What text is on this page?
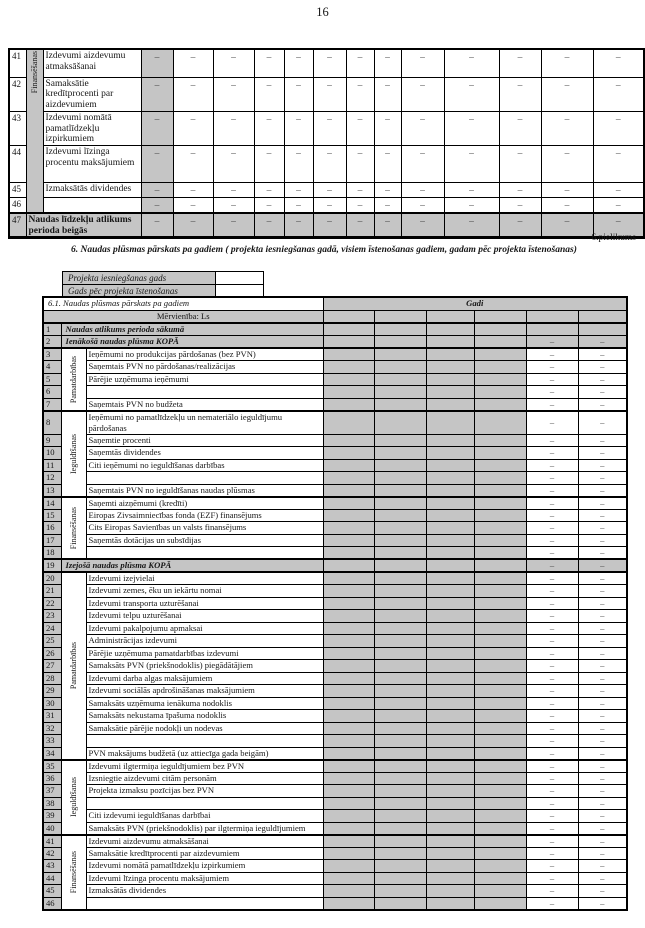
16
41	Finansēšanas	Izdevumi aizdevumu atmaksāšanai	–	–	–	–	–	–	–	–	–	–	–	–	–
42		Samaksātie kredītprocenti par aizdevumiem	–	–	–	–	–	–	–	–	–	–	–	–	–
43		Izdevumi nomātā pamatlīdzekļu izpirkumiem	–	–	–	–	–	–	–	–	–	–	–	–	–
44		Izdevumi līzinga procentu maksājumiem	–	–	–	–	–	–	–	–	–	–	–	–	–
45		Izmaksātās dividendes	–	–	–	–	–	–	–	–	–	–	–	–	–
46			–	–	–	–	–	–	–	–	–	–	–	–	–
47	Naudas līdzekļu atlikums perioda beigās		–	–	–	–	–	–	–	–	–	–	–	–	–
6.pielikums
6. Naudas plūsmas pārskats pa gadiem ( projekta iesniegšanas gadā, visiem īstenošanas gadiem, gadam pēc projekta īstenošanas)
Projekta iesniegšanas gads	
Gads pēc projekta īstenošanas	
6.1. Naudas plūsmas pārskats pa gadiem			Gadi					
Mērvienība: Ls								
1	Naudas atlikums perioda sākumā							
2	Ienākošā naudas plūsma KOPĀ						–	–
3	Pamatdarbības	Ieņēmumi no produkcijas pārdošanas (bez PVN)					–	–
4		Saņemtais PVN no pārdošanas/realizācijas					–	–
5		Pārējie uzņēmuma ieņēmumi					–	–
6							–	–
7		Saņemtais PVN no budžeta					–	–
8	Ieguldīšanas	Ieņēmumi no pamatlīdzekļu un nemateriālo ieguldījumu pārdošanas					–	–
9		Saņemtie procenti					–	–
10		Saņemtās dividendes					–	–
11		Citi ieņēmumi no ieguldīšanas darbības					–	–
12							–	–
13		Saņemtais PVN no ieguldīšanas naudas plūsmas					–	–
14	Finansēšanas	Saņemti aizņēmumi (kredīti)					–	–
15		Eiropas Zivsaimniecības fonda (EZF) finansējums					–	–
16		Cits Eiropas Savienības un valsts finansējums					–	–
17		Saņemtās dotācijas un subsīdijas					–	–
18							–	–
19	Izejošā naudas plūsma KOPĀ						–	–
20	Pamatdarbības	Izdevumi izejvielai					–	–
21		Izdevumi zemes, ēku un iekārtu nomai					–	–
22		Izdevumi transporta uzturēšanai					–	–
23		Izdevumi telpu uzturēšanai					–	–
24		Izdevumi pakalpojumu apmaksai					–	–
25		Administrācijas izdevumi					–	–
26		Pārējie uzņēmuma pamatdarbības izdevumi					–	–
27		Samaksāts PVN (priekšnodoklis) piegādātājiem					–	–
28		Izdevumi darba algas maksājumiem					–	–
29		Izdevumi sociālās apdrošināšanas maksājumiem					–	–
30		Samaksāts uzņēmuma ienākuma nodoklis					–	–
31		Samaksāts nekustama īpašuma nodoklis					–	–
32		Samaksātie pārējie nodokļi un nodevas					–	–
33							–	–
34		PVN maksājums budžetā (uz attiecīga gada beigām)					–	–
35	Ieguldīšanas	Izdevumi ilgtermiņa ieguldījumiem bez PVN					–	–
36		Izsniegtie aizdevumi citām personām					–	–
37		Projekta izmaksu pozīcijas bez PVN					–	–
38							–	–
39		Citi izdevumi ieguldīšanas darbībai					–	–
40		Samaksāts PVN (priekšnodoklis) par ilgtermiņa ieguldījumiem					–	–
41	Finansēšanas	Izdevumi aizdevumu atmaksāšanai					–	–
42		Samaksātie kredītprocenti par aizdevumiem					–	–
43		Izdevumi nomātā pamatlīdzekļu izpirkumiem					–	–
44		Izdevumi līzinga procentu maksājumiem					–	–
45		Izmaksātās dividendes					–	–
46							–	–
